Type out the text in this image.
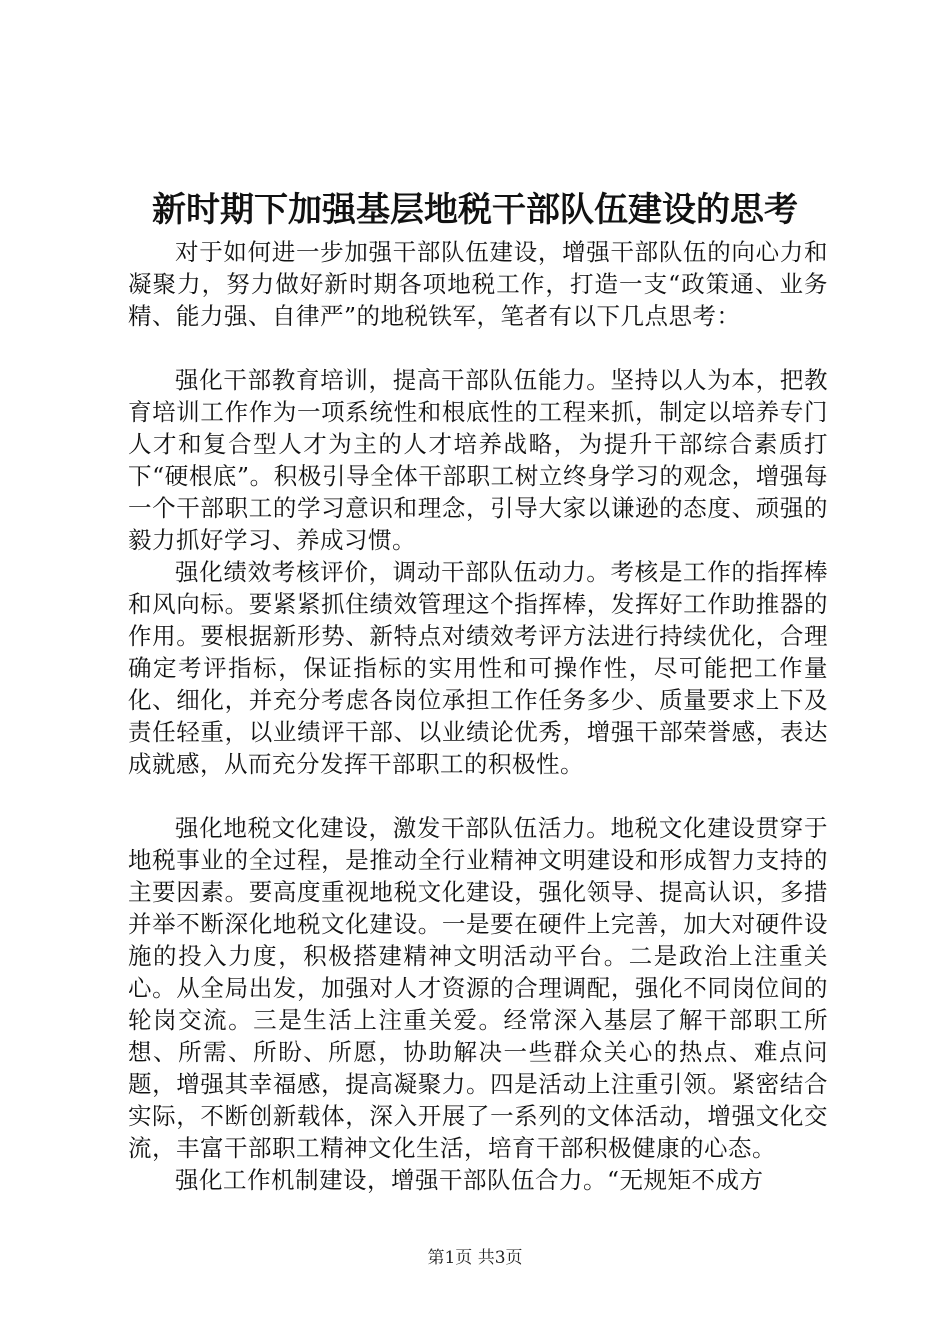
新时期下加强基层地税干部队伍建设的思考

对于如何进一步加强干部队伍建设，增强干部队伍的向心力和凝聚力，努力做好新时期各项地税工作，打造一支“政策通、业务精、能力强、自律严”的地税铁军，笔者有以下几点思考：

强化干部教育培训，提高干部队伍能力。坚持以人为本，把教育培训工作作为一项系统性和根底性的工程来抓，制定以培养专门人才和复合型人才为主的人才培养战略，为提升干部综合素质打下“硬根底”。积极引导全体干部职工树立终身学习的观念，增强每一个干部职工的学习意识和理念，引导大家以谦逊的态度、顽强的毅力抓好学习、养成习惯。

强化绩效考核评价，调动干部队伍动力。考核是工作的指挥棒和风向标。要紧紧抓住绩效管理这个指挥棒，发挥好工作助推器的作用。要根据新形势、新特点对绩效考评方法进行持续优化，合理确定考评指标，保证指标的实用性和可操作性，尽可能把工作量化、细化，并充分考虑各岗位承担工作任务多少、质量要求上下及责任轻重，以业绩评干部、以业绩论优秀，增强干部荣誉感，表达成就感，从而充分发挥干部职工的积极性。

强化地税文化建设，激发干部队伍活力。地税文化建设贯穿于地税事业的全过程，是推动全行业精神文明建设和形成智力支持的主要因素。要高度重视地税文化建设，强化领导、提高认识，多措并举不断深化地税文化建设。一是要在硬件上完善，加大对硬件设施的投入力度，积极搭建精神文明活动平台。二是政治上注重关心。从全局出发，加强对人才资源的合理调配，强化不同岗位间的轮岗交流。三是生活上注重关爱。经常深入基层了解干部职工所想、所需、所盼、所愿，协助解决一些群众关心的热点、难点问题，增强其幸福感，提高凝聚力。四是活动上注重引领。紧密结合实际，不断创新载体，深入开展了一系列的文体活动，增强文化交流，丰富干部职工精神文化生活，培育干部积极健康的心态。

强化工作机制建设，增强干部队伍合力。“无规矩不成方

第1页 共3页
